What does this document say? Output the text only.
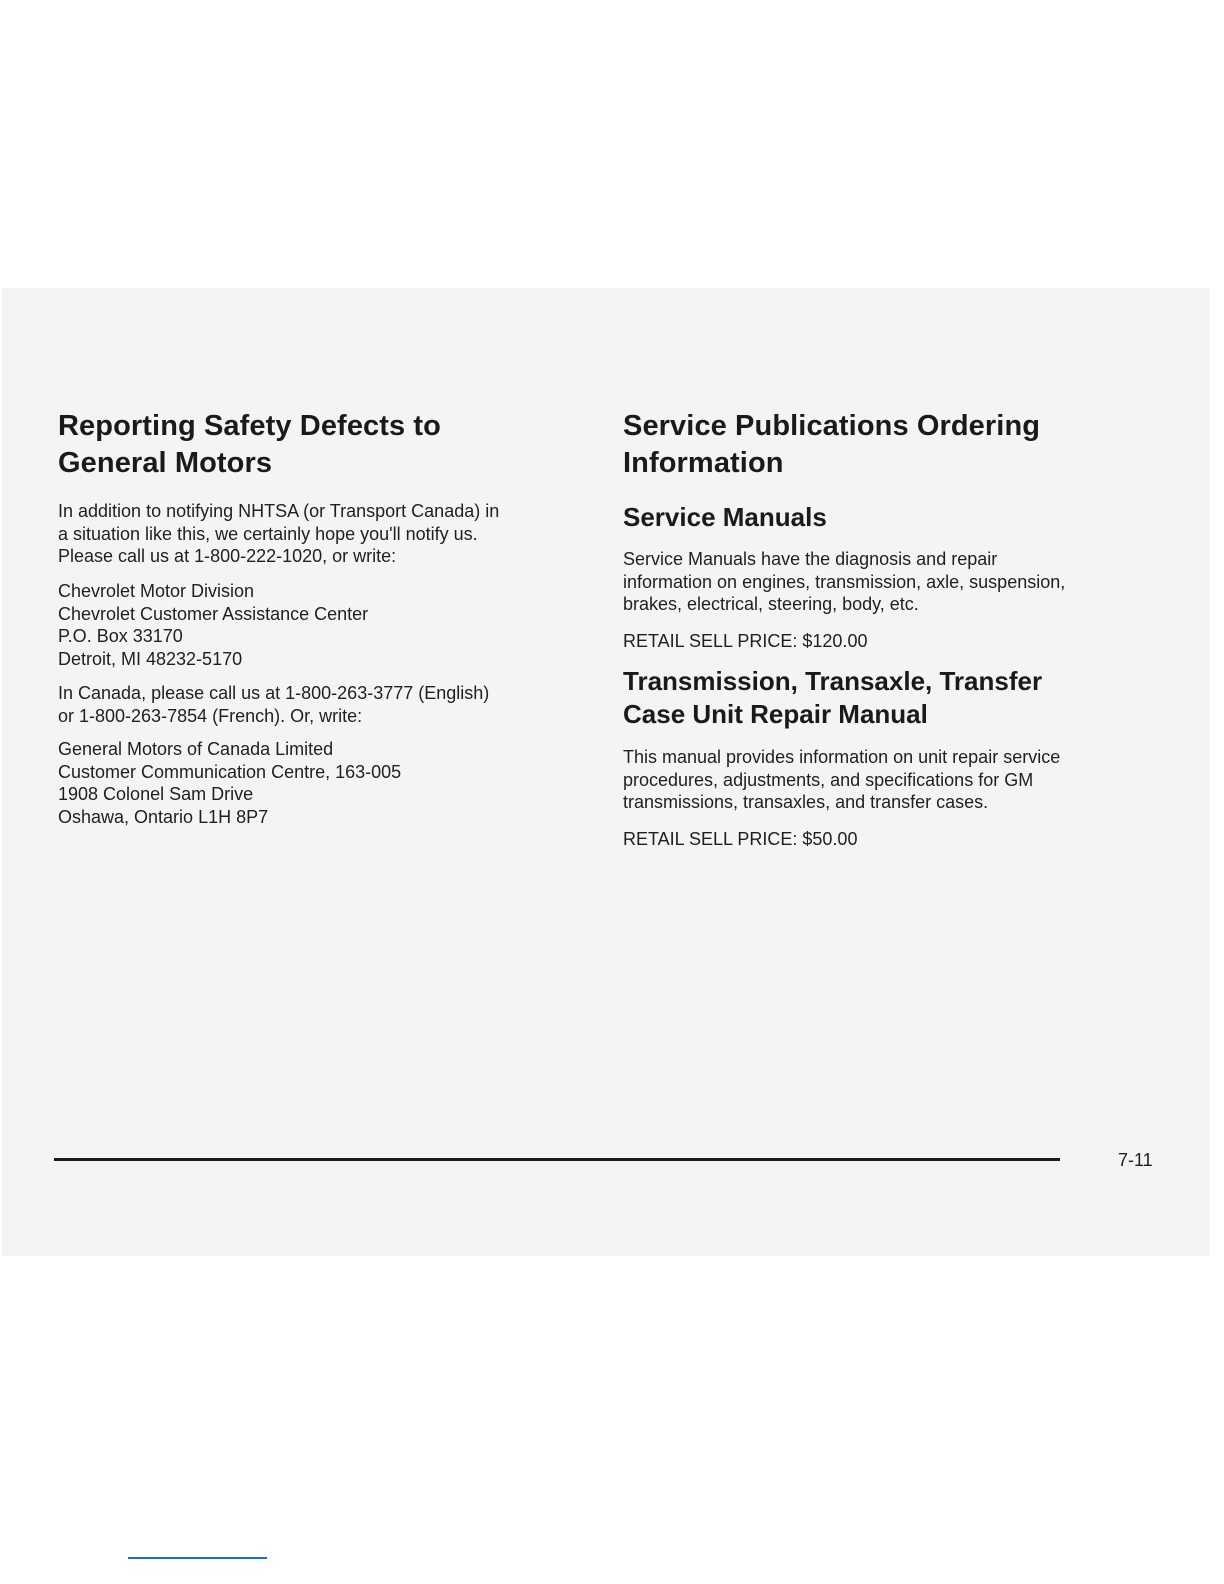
Reporting Safety Defects to
General Motors

In addition to notifying NHTSA (or Transport Canada) in

a situation like this, we certainly hope you'll notify us.

Please call us at 1-800-222-1020, or write:

Chevrolet Motor Division
Chevrolet Customer Assistance Center
P.O. Box 33170
Detroit, MI 48232-5170

In Canada, please call us at 1-800-263-3777 (English)

or 1-800-263-7854 (French). Or, write:

General Motors of Canada Limited
Customer Communication Centre, 163-005
1908 Colonel Sam Drive
Oshawa, Ontario L1H 8P7
Service Publications Ordering
Information
Service Manuals

Service Manuals have the diagnosis and repair

information on engines, transmission, axle, suspension,

brakes, electrical, steering, body, etc.

RETAIL SELL PRICE: $120.00

Transmission, Transaxle, Transfer
Case Unit Repair Manual

This manual provides information on unit repair service

procedures, adjustments, and specifications for GM

transmissions, transaxles, and transfer cases.

RETAIL SELL PRICE: $50.00

7-11
